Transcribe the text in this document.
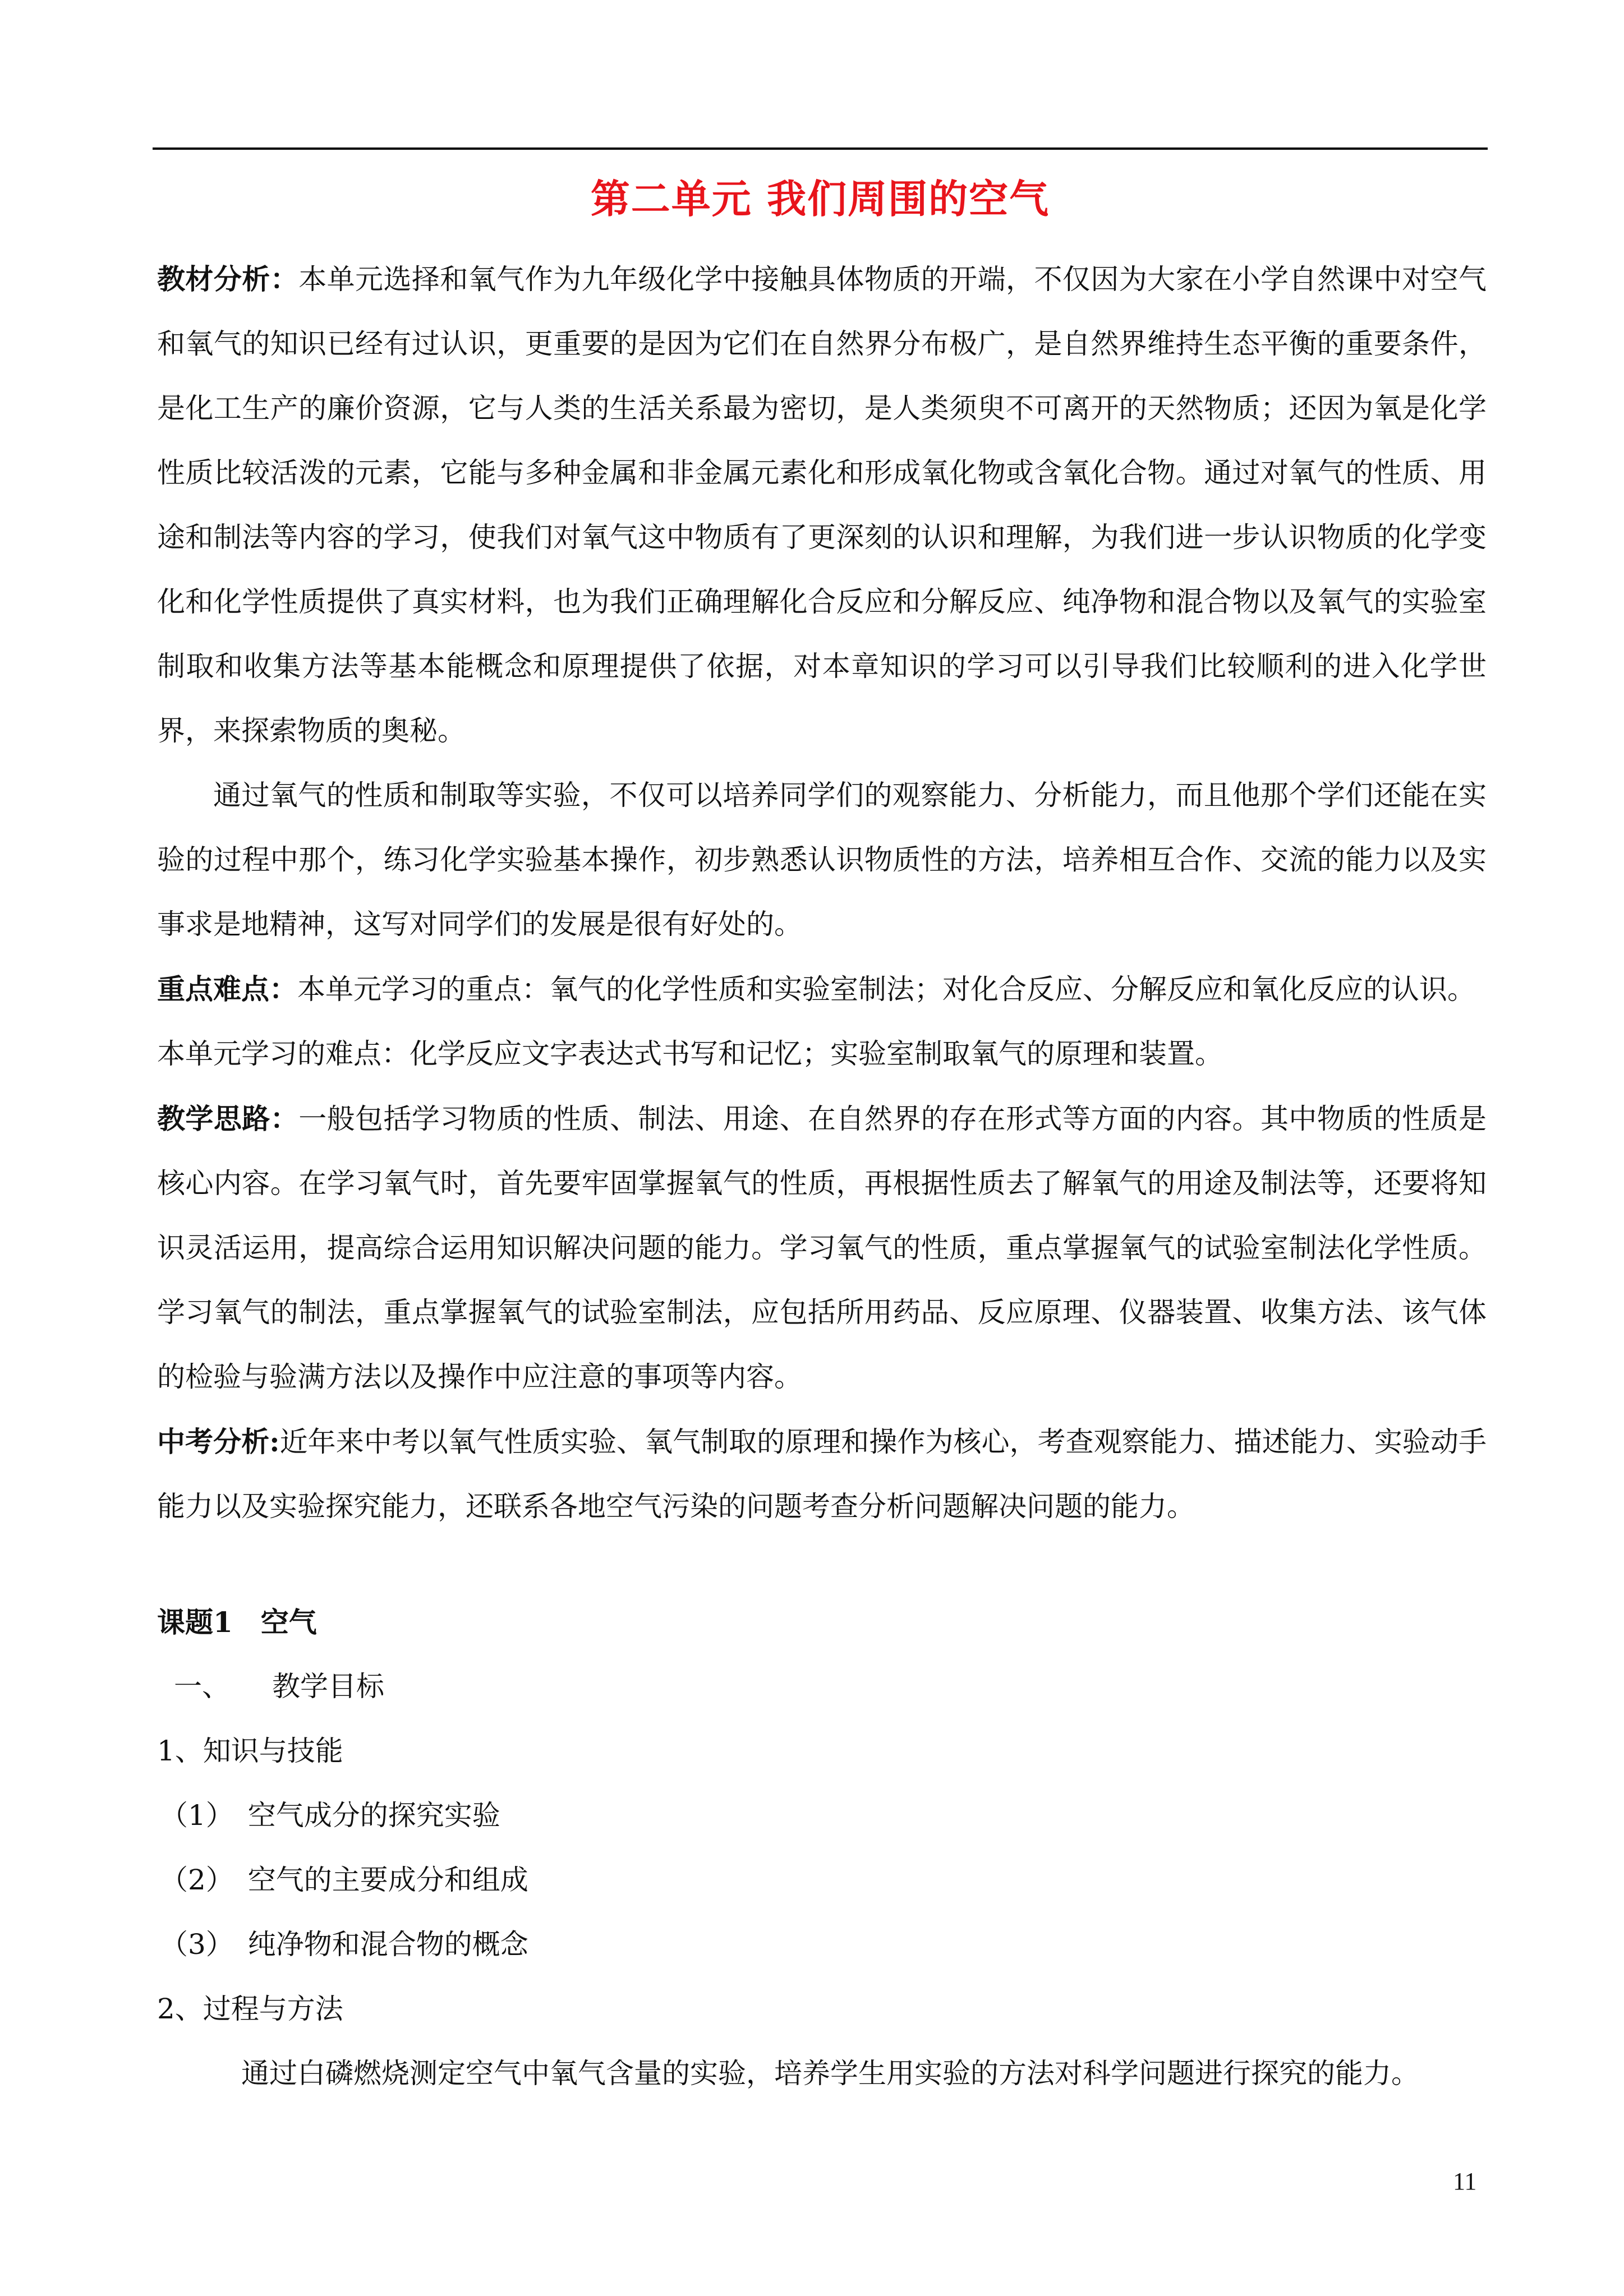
第二单元 我们周围的空气

教材分析：本单元选择和氧气作为九年级化学中接触具体物质的开端，不仅因为大家在小学自然课中对空气和氧气的知识已经有过认识，更重要的是因为它们在自然界分布极广，是自然界维持生态平衡的重要条件，是化工生产的廉价资源，它与人类的生活关系最为密切，是人类须臾不可离开的天然物质；还因为氧是化学性质比较活泼的元素，它能与多种金属和非金属元素化和形成氧化物或含氧化合物。通过对氧气的性质、用途和制法等内容的学习，使我们对氧气这中物质有了更深刻的认识和理解，为我们进一步认识物质的化学变化和化学性质提供了真实材料，也为我们正确理解化合反应和分解反应、纯净物和混合物以及氧气的实验室制取和收集方法等基本能概念和原理提供了依据，对本章知识的学习可以引导我们比较顺利的进入化学世界，来探索物质的奥秘。

通过氧气的性质和制取等实验，不仅可以培养同学们的观察能力、分析能力，而且他那个学们还能在实验的过程中那个，练习化学实验基本操作，初步熟悉认识物质性的方法，培养相互合作、交流的能力以及实事求是地精神，这写对同学们的发展是很有好处的。

重点难点：本单元学习的重点：氧气的化学性质和实验室制法；对化合反应、分解反应和氧化反应的认识。

本单元学习的难点：化学反应文字表达式书写和记忆；实验室制取氧气的原理和装置。

教学思路：一般包括学习物质的性质、制法、用途、在自然界的存在形式等方面的内容。其中物质的性质是核心内容。在学习氧气时，首先要牢固掌握氧气的性质，再根据性质去了解氧气的用途及制法等，还要将知识灵活运用，提高综合运用知识解决问题的能力。学习氧气的性质，重点掌握氧气的试验室制法化学性质。学习氧气的制法，重点掌握氧气的试验室制法，应包括所用药品、反应原理、仪器装置、收集方法、该气体的检验与验满方法以及操作中应注意的事项等内容。

中考分析:近年来中考以氧气性质实验、氧气制取的原理和操作为核心，考查观察能力、描述能力、实验动手能力以及实验探究能力，还联系各地空气污染的问题考查分析问题解决问题的能力。

课题1　空气
一、　　教学目标
1、知识与技能
（1）　空气成分的探究实验
（2）　空气的主要成分和组成
（3）　纯净物和混合物的概念
2、过程与方法
通过白磷燃烧测定空气中氧气含量的实验，培养学生用实验的方法对科学问题进行探究的能力。
11
